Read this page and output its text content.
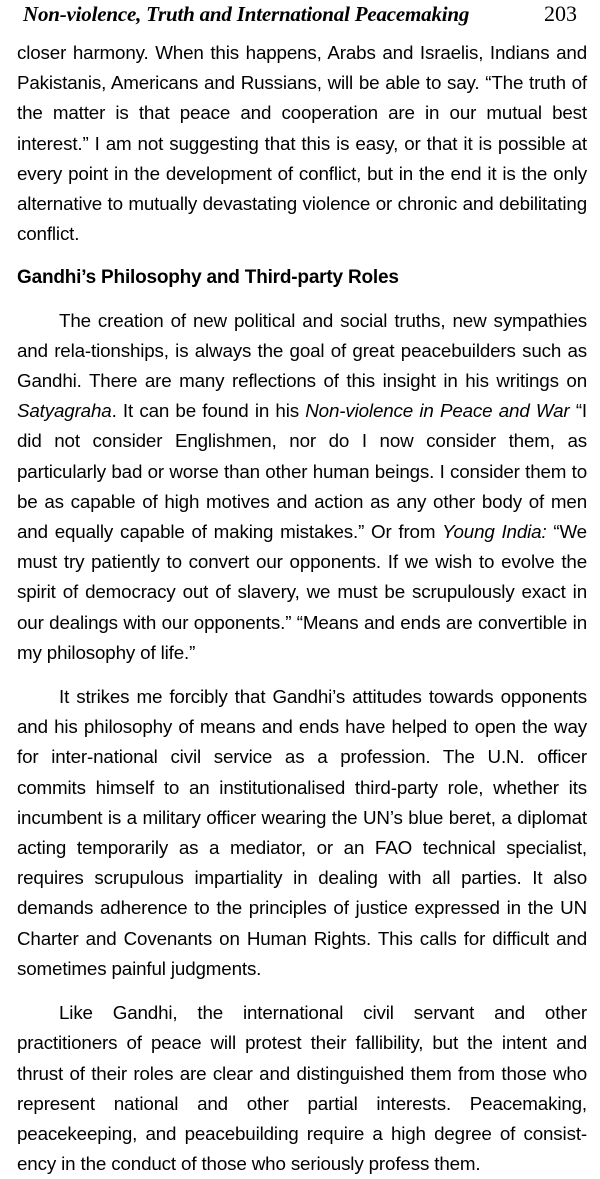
Non-violence, Truth and International Peacemaking	203

closer harmony. When this happens, Arabs and Israelis, Indians and Pakistanis, Americans and Russians, will be able to say. “The truth of the matter is that peace and cooperation are in our mutual best interest.” I am not suggesting that this is easy, or that it is possible at every point in the development of conflict, but in the end it is the only alternative to mutually devastating violence or chronic and debilitating conflict.

Gandhi’s Philosophy and Third-party Roles

The creation of new political and social truths, new sympathies and rela-tionships, is always the goal of great peacebuilders such as Gandhi. There are many reflections of this insight in his writings on Satyagraha. It can be found in his Non-violence in Peace and War “I did not consider Englishmen, nor do I now consider them, as particularly bad or worse than other human beings. I consider them to be as capable of high motives and action as any other body of men and equally capable of making mistakes.” Or from Young India: “We must try patiently to convert our opponents. If we wish to evolve the spirit of democracy out of slavery, we must be scrupulously exact in our dealings with our opponents.” “Means and ends are convertible in my philosophy of life.”

It strikes me forcibly that Gandhi’s attitudes towards opponents and his philosophy of means and ends have helped to open the way for inter-national civil service as a profession. The U.N. officer commits himself to an institutionalised third-party role, whether its incumbent is a military officer wearing the UN’s blue beret, a diplomat acting temporarily as a mediator, or an FAO technical specialist, requires scrupulous impartiality in dealing with all parties. It also demands adherence to the principles of justice expressed in the UN Charter and Covenants on Human Rights. This calls for difficult and sometimes painful judgments.

Like Gandhi, the international civil servant and other practitioners of peace will protest their fallibility, but the intent and thrust of their roles are clear and distinguished them from those who represent national and other partial interests. Peacemaking, peacekeeping, and peacebuilding require a high degree of consist-ency in the conduct of those who seriously profess them.
